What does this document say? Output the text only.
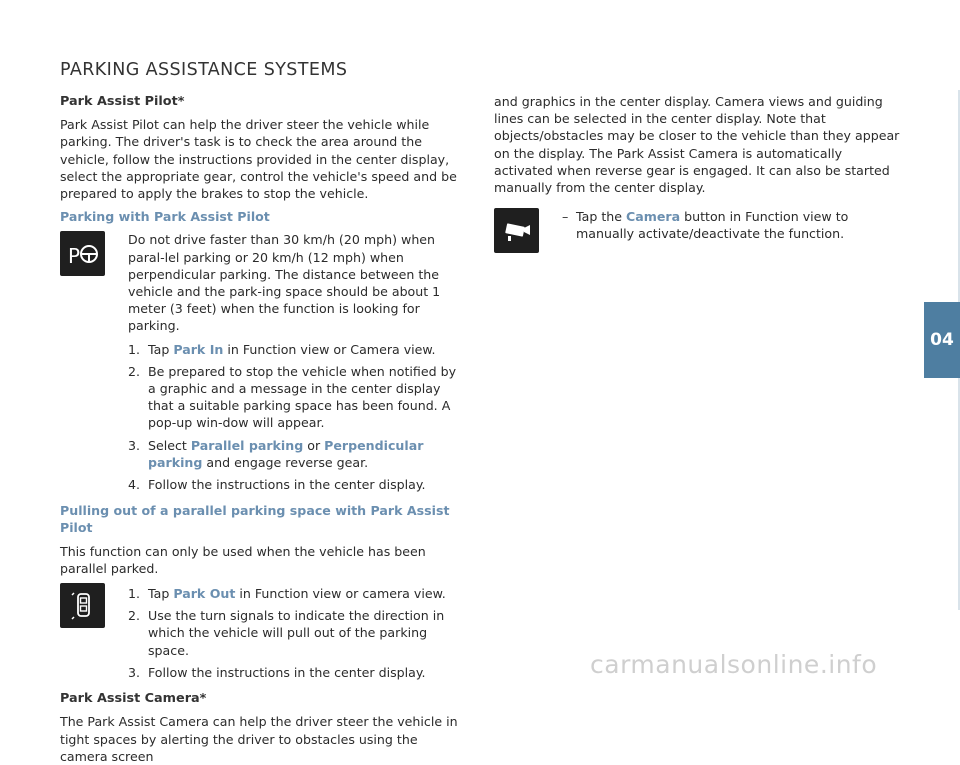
PARKING ASSISTANCE SYSTEMS
Park Assist Pilot*
Park Assist Pilot can help the driver steer the vehicle while parking. The driver's task is to check the area around the vehicle, follow the instructions provided in the center display, select the appropriate gear, control the vehicle's speed and be prepared to apply the brakes to stop the vehicle.
Parking with Park Assist Pilot
P
Do not drive faster than 30 km/h (20 mph) when paral-lel parking or 20 km/h (12 mph) when perpendicular parking. The distance between the vehicle and the park-ing space should be about 1 meter (3 feet) when the function is looking for parking.
1. Tap Park In in Function view or Camera view.
2. Be prepared to stop the vehicle when notified by a graphic and a message in the center display that a suitable parking space has been found. A pop-up win-dow will appear.
3. Select Parallel parking or Perpendicular parking and engage reverse gear.
4. Follow the instructions in the center display.
Pulling out of a parallel parking space with Park Assist Pilot
This function can only be used when the vehicle has been parallel parked.
1. Tap Park Out in Function view or camera view.
2. Use the turn signals to indicate the direction in which the vehicle will pull out of the parking space.
3. Follow the instructions in the center display.
Park Assist Camera*
The Park Assist Camera can help the driver steer the vehicle in tight spaces by alerting the driver to obstacles using the camera screen
and graphics in the center display. Camera views and guiding lines can be selected in the center display. Note that objects/obstacles may be closer to the vehicle than they appear on the display. The Park Assist Camera is automatically activated when reverse gear is engaged. It can also be started manually from the center display.
– Tap the Camera button in Function view to manually activate/deactivate the function.
04
carmanualsonline.info
